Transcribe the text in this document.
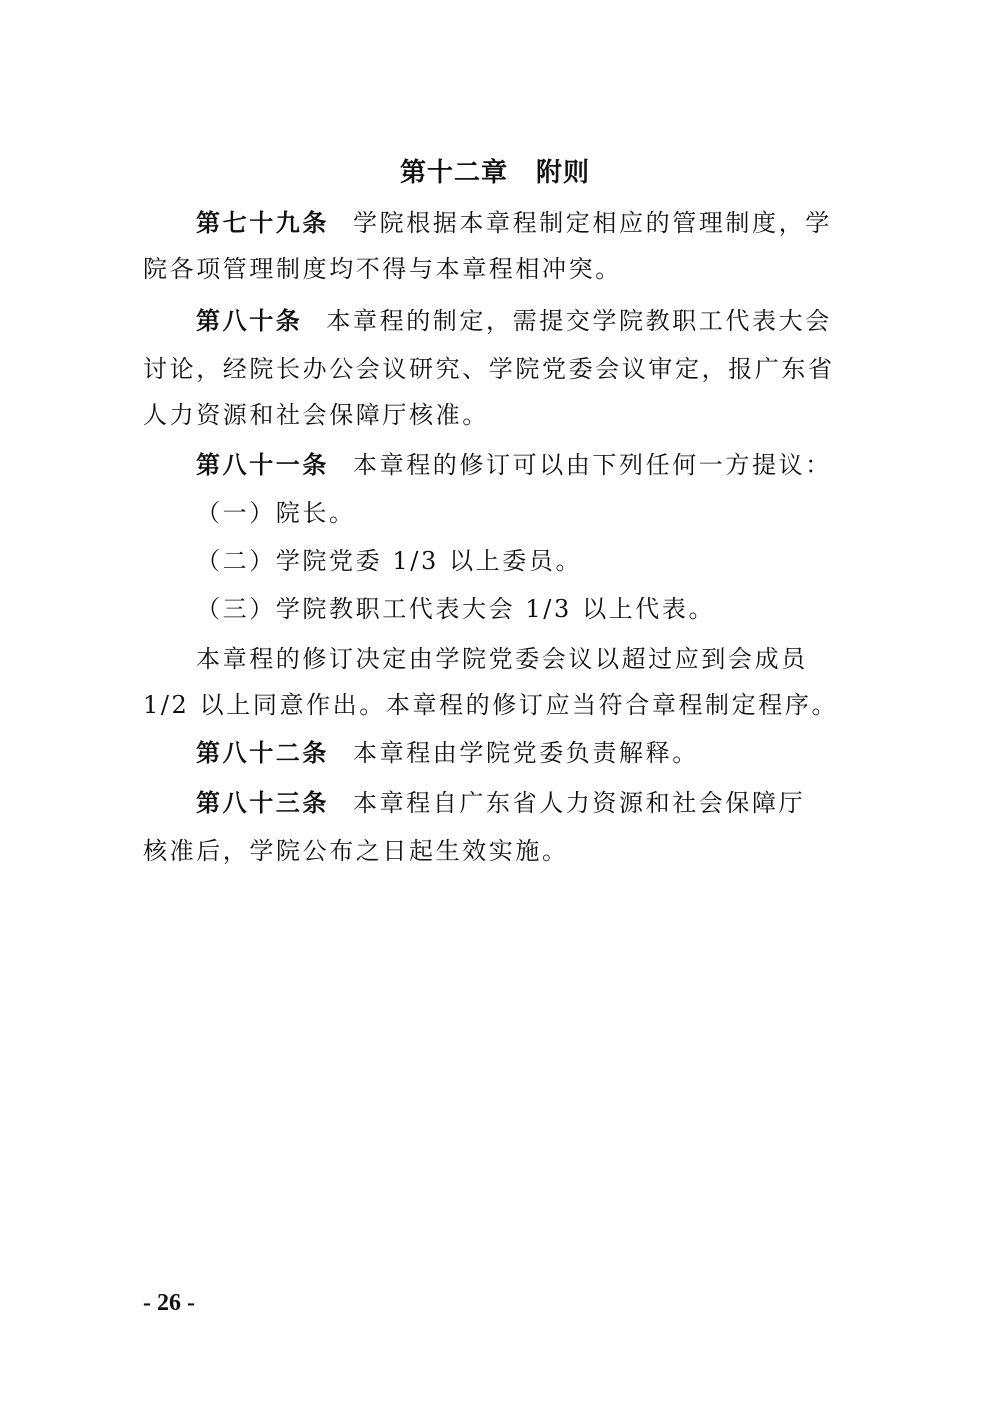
第十二章 附则
第七十九条 学院根据本章程制定相应的管理制度，学
院各项管理制度均不得与本章程相冲突。
第八十条 本章程的制定，需提交学院教职工代表大会
讨论，经院长办公会议研究、学院党委会议审定，报广东省
人力资源和社会保障厅核准。
第八十一条 本章程的修订可以由下列任何一方提议：
（一）院长。
（二）学院党委 1/3 以上委员。
（三）学院教职工代表大会 1/3 以上代表。
本章程的修订决定由学院党委会议以超过应到会成员
1/2 以上同意作出。本章程的修订应当符合章程制定程序。
第八十二条 本章程由学院党委负责解释。
第八十三条 本章程自广东省人力资源和社会保障厅
核准后，学院公布之日起生效实施。
- 26 -
